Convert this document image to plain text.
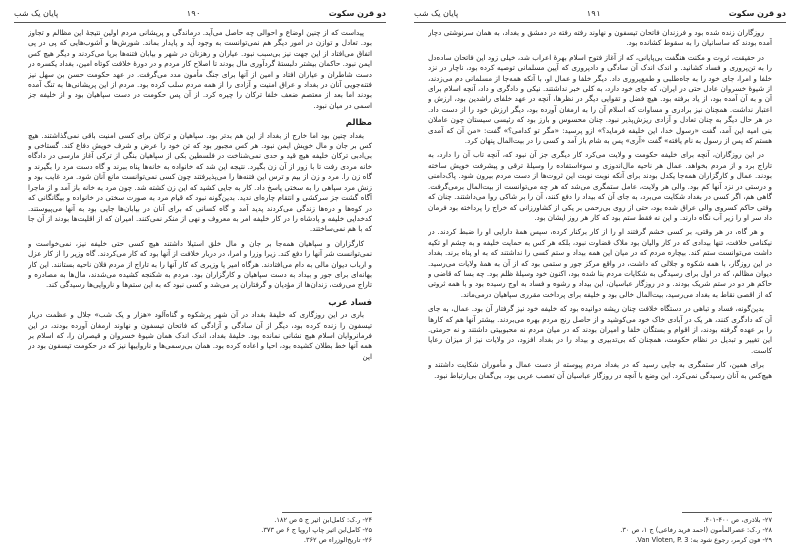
دو قرن سکوت
۱۹۰
پایان یک شب

پیداست که از چنین اوضاع و احوالی چه حاصل می‌آید. درماندگی و پریشانی مردم اولین نتیجهٔ این مظالم و تجاوز بود. تعادل و توازن در امور دیگر هم نمی‌توانست به وجود آید و پایدار بماند. شورش‌ها و آشوب‌هایی که پی در پی اتفاق می‌افتاد از این جهت نیز بی‌سبب نبود. عیاران و رهزنان در شهر و بیابان فتنه‌ها برپا می‌کردند و دیگر هیچ کس ایمن نبود. حاکمان بیشتر دلبستهٔ گردآوری مال بودند تا اصلاح کار مردم و در دورهٔ خلافت کوتاه امین، بغداد یکسره در دست شاطران و عیاران افتاد و امین از آنها برای جنگ مأمون مدد می‌گرفت. در عهد حکومت حسن بن سهل نیز فتنه‌جویی آنان در بغداد و عراق امنیت و آزادی را از همه مردم سلب کرده بود. مردم از این پریشانی‌ها به تنگ آمده بودند اما بعد از معتصم ضعف خلفا ترکان را چیره کرد. از آن پس حکومت در دست سپاهیان بود و از خلیفه جز اسمی در میان نبود.

مظالم

بغداد چنین بود اما خارج از بغداد از این هم بدتر بود. سپاهیان و ترکان برای کسی امنیت باقی نمی‌گذاشتند. هیچ کس بر جان و مال خویش ایمن نبود. هر کس مجبور بود که تن خود را عرض و شرف خویش دفاع کند. گستاخی و بی‌ادبی ترکان خلیفه هیچ قید و حدی نمی‌شناخت در فلسطین بکی از سپاهیان بنگی از ترکی آغاز مارسی در دادگاه خانه مردی رفت تا با زور از آن زن بگیرد. نتیجه این شد که خانواده به خانه‌ها پناه ببرند و گاه دست مرد را بگیرند و گاه زن را. مرد و زن از بیم و ترس این فتنه‌ها را می‌پذیرفتند چون کسی نمی‌توانست مانع آنان شود. مرد غایب بود و زنش مرد سپاهی را به سختی پاسخ داد. کار به جایی کشید که این زن کشته شد. چون مرد به خانه باز آمد و از ماجرا آگاه گشت جز سرکشی و انتقام چاره‌ای ندید. بدین‌گونه نبود که قیام مرد به صورت سختی در خانواده و بیگانگانی که در کوه‌ها و دره‌ها زندگی می‌کردند پدید آمد و گاه کسانی که برای آنان در بیابان‌ها جایی بود به آنها می‌پیوستند. کدخدایی خلیفه و پادشاه را در کار خلیفه امر به معروف و نهی از منکر نمی‌کنند. امیران که از اقلیت‌ها بودند از آن جا که با هم نمی‌ساختند.

کارگزاران و سپاهیان همه‌جا بر جان و مال خلق استیلا داشتند هیچ کسی حتی خلیفه نیز، نمی‌خواست و نمی‌توانست شر آنها را دفع کند. زیرا وزرا و امرا، در دربار خلافت از آنها بود که کار می‌کردند. گاه وزیر را از کار عزل و ارباب دیوان مالی به دام می‌افتادند. هرگاه امیر یا وزیری که کار آنها را به تاراج از مردم فلان ناحیه بستانند. این کار بهانه‌ای برای جور و بیداد به دست سپاهیان و کارگزاران بود. مردم به شکنجه کشیده می‌شدند، مال‌ها به مصادره و تاراج می‌رفت، زندان‌ها از مؤدیان و گرفتاران پر می‌شد و کسی نبود که به این ستم‌ها و ناروایی‌ها رسیدگی کند.

فساد عرب

باری در این روزگاری که خلیفهٔ بغداد در آن شهر پرشکوه و گناه‌آلود «هزار و یک شب» جلال و عظمت دربار تیسفون را زنده کرده بود، دیگر از آن سادگی و آزادگی که فاتحان تیسفون و نهاوند ارمغان آورده بودند، در این فرمانروایان اسلام هیچ نشانی نمانده بود. خلیفهٔ بغداد، اندک اندک همان شیوهٔ خسروان و قیصران را، که اسلام بر همه آنها خط بطلان کشیده بود، احیا و اعاده کرده بود. همان بی‌رسمی‌ها و نارواییها نیز که در حکومت تیسفون بود در این

۲۴- ر.ک: کامل‌ابن اثیر ج ۵ ص ۱۸۲.
۲۵- کامل‌ابن اثیر چاپ اروپا ج ۶ ص ۳۷۳.
۲۶- تاریخ‌الوزراء ص ۳۶۲.
دو قرن سکوت
۱۹۱
پایان یک شب

روزگاران زنده شده بود و فرزندان فاتحان تیسفون و نهاوند رفته رفته در دمشق و بغداد، به همان سرنوشتی دچار آمده بودند که ساسانیان را به سقوط کشانده بود.

در حقیقت، ثروت و مکنت هنگفت بی‌پایانی، که از آغاز فتوح اسلام بهرهٔ اعراب شد، خیلی زود این فاتحان ساده‌دل را به تن‌پروری و فساد کشانید. و اندک اندک آن سادگی و داد‌پروری که آیین مسلمانی توصیه کرده بود، ناچار در نزد خلفا و امرا، جای خود را به جاه‌طلبی و طمع‌پروری داد. دیگر خلفا و عمال او، با آنکه همه‌جا از مسلمانی دم می‌زدند، از شیوهٔ خسروان عادل حتی در ایران، که جای خود دارد، به کلی خبر نداشتند. نیکی و دادگری و داد، آنچه اسلام برای آن و به آن آمده بود، از یاد برفته بود. هیچ فضل و تقوایی دیگر در نظرها، آنچه در عهد خلفای راشدین بود، ارزش و اعتبار نداشت. همچنان نیز برادری و مساوات که اسلام آن را به ارمغان آورده بود، دیگر ارزش خود را از دست داد. در هر حال دیگر به چنان تعادل و آزادی ریزش‌پذیر نبود. چنان محسوس و بارز بود که رئیسی سیستان چون عاملان بنی امیه این آمد، گفت «رسول خدا، این خلیفه فرماید؟» ازو پرسید: «مگر تو کدامی؟» گفت: «من آن که آمدی هستم که پس از رسول به نام یافته» گفت «آری» پس به شام باز آمد و کسی را در بیت‌المال پنهان کرد.

در این روزگاران، آنچه برای خلیفه حکومت و ولایت می‌کرد کار دیگری جز آن نبود که، آنچه تاب آن را دارد، به تاراج برد و از مردم بخواهد. عمال هر ناحیه مال‌اندوزی و سوءاستفاده را وسیلهٔ ترقی و پیشرفت خویش ساخته بودند. عمال و کارگزاران همه‌جا یکدل بودند برای آنکه نوبت نوبت این ثروت‌ها از دست مردم بیرون شود. پاک‌دامنی و درستی در نزد آنها کم بود. والی هر ولایت، عامل ستمگری می‌شد که هر چه می‌توانست از بیت‌المال برمی‌گرفت. گاهی هم، اگر کسی در بغداد شکایت می‌برد، به جای آن که بیداد را دفع کنند، آن را بر شاکی روا می‌داشتند. چنان که وقتی حاکم کسروی والی عراق شده بود، حتی از روی بی‌رحمی بر یکی از کشاورزانی که خراج را پرداخته بود فرمان داد سر او را زیر آب نگاه دارند. و این نه فقط ستم بود که کار هر روز ایشان بود.

و هر گاه، در هر وقتی، بر کسی خشم گرفتند او را از کار برکنار کرده، سپس همهٔ دارایی او را ضبط کردند. در نیکنامی خلافت، تنها بیدادی که در کار والیان بود ملاک قضاوت نبود، بلکه هر کس به حمایت خلیفه و به چشم او تکیه داشت می‌توانست ستم کند. بیچاره مردم که در میان این همه بیداد و ستم کسی را نداشتند که به او پناه برند. بغداد در این روزگار، با همه شکوه و جلالی که داشت، در واقع مرکز جور و ستمی بود که از آن به همهٔ ولایات می‌رسید. دیوان مظالم، که در اول برای رسیدگی به شکایات مردم بنا شده بود، اکنون خود وسیلهٔ ظلم بود. چه بسا که قاضی و حاکم هر دو در ستم شریک بودند. و در روزگار عباسیان، این بیداد و رشوه و فساد به اوج رسیده بود و با همه ثروتی که از اقصی نقاط به بغداد می‌رسید، بیت‌المال خالی بود و خلیفه برای پرداخت مقرری سپاهیان درمی‌ماند.

بدین‌گونه، فساد و تباهی در دستگاه خلافت چنان ریشه دوانیده بود که خلیفه خود نیز گرفتار آن بود. عمال، به جای آن که دادگری کنند، هر یک در آبادی خاک خود می‌کوشید و از حاصل رنج مردم بهره می‌بردند. بیشتر آنها هم که کارها را بر عهده گرفته بودند، از اقوام و بستگان خلفا و امیران بودند که در میان مردم نه محبوبیتی داشتند و نه حرمتی. این تغییر و تبدیل در نظام حکومت، همچنان که بی‌تدبیری و بیداد را در بغداد افزود، در ولایات نیز از میزان رعایا کاست.

برای همین، کار ستمگری به جایی رسید که در بغداد مردم پیوسته از دست عمال و مأموران شکایت داشتند و هیچ‌کس به آنان رسیدگی نمی‌کرد. این وضع با آنچه در روزگار عباسیان آن تعصب عربی بود، بی‌گمان بی‌ارتباط نبود.

۲۷- بلاذری، ص ۴۰۰-۴۰۱.
۲۸- ر.ک: عصرالمأمون (احمد فرید رفاعی) ج ۱، ص ۳۰.
۲۹- فون کرمر، رجوع شود به: Van Vloten, P. 3.
